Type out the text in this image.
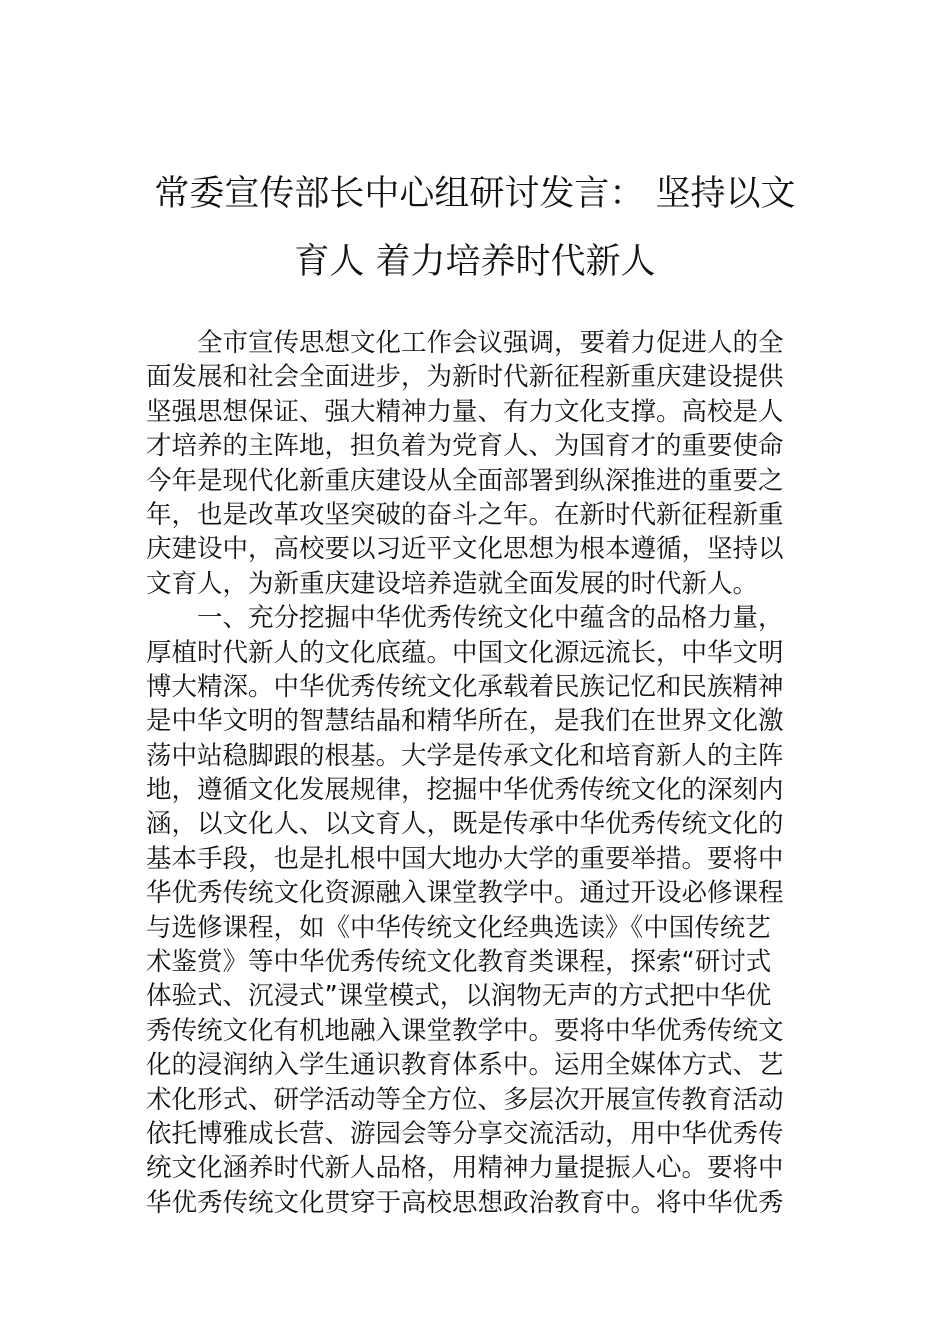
常委宣传部长中心组研讨发言： 坚持以文
育人 着力培养时代新人
全市宣传思想文化工作会议强调，要着力促进人的全
面发展和社会全面进步，为新时代新征程新重庆建设提供
坚强思想保证、强大精神力量、有力文化支撑。高校是人
才培养的主阵地，担负着为党育人、为国育才的重要使命
今年是现代化新重庆建设从全面部署到纵深推进的重要之
年，也是改革攻坚突破的奋斗之年。在新时代新征程新重
庆建设中，高校要以习近平文化思想为根本遵循，坚持以
文育人，为新重庆建设培养造就全面发展的时代新人。
一、充分挖掘中华优秀传统文化中蕴含的品格力量，
厚植时代新人的文化底蕴。中国文化源远流长，中华文明
博大精深。中华优秀传统文化承载着民族记忆和民族精神
是中华文明的智慧结晶和精华所在，是我们在世界文化激
荡中站稳脚跟的根基。大学是传承文化和培育新人的主阵
地，遵循文化发展规律，挖掘中华优秀传统文化的深刻内
涵，以文化人、以文育人，既是传承中华优秀传统文化的
基本手段，也是扎根中国大地办大学的重要举措。要将中
华优秀传统文化资源融入课堂教学中。通过开设必修课程
与选修课程，如《中华传统文化经典选读》《中国传统艺
术鉴赏》等中华优秀传统文化教育类课程，探索“研讨式
体验式、沉浸式”课堂模式，以润物无声的方式把中华优
秀传统文化有机地融入课堂教学中。要将中华优秀传统文
化的浸润纳入学生通识教育体系中。运用全媒体方式、艺
术化形式、研学活动等全方位、多层次开展宣传教育活动
依托博雅成长营、游园会等分享交流活动，用中华优秀传
统文化涵养时代新人品格，用精神力量提振人心。要将中
华优秀传统文化贯穿于高校思想政治教育中。将中华优秀
